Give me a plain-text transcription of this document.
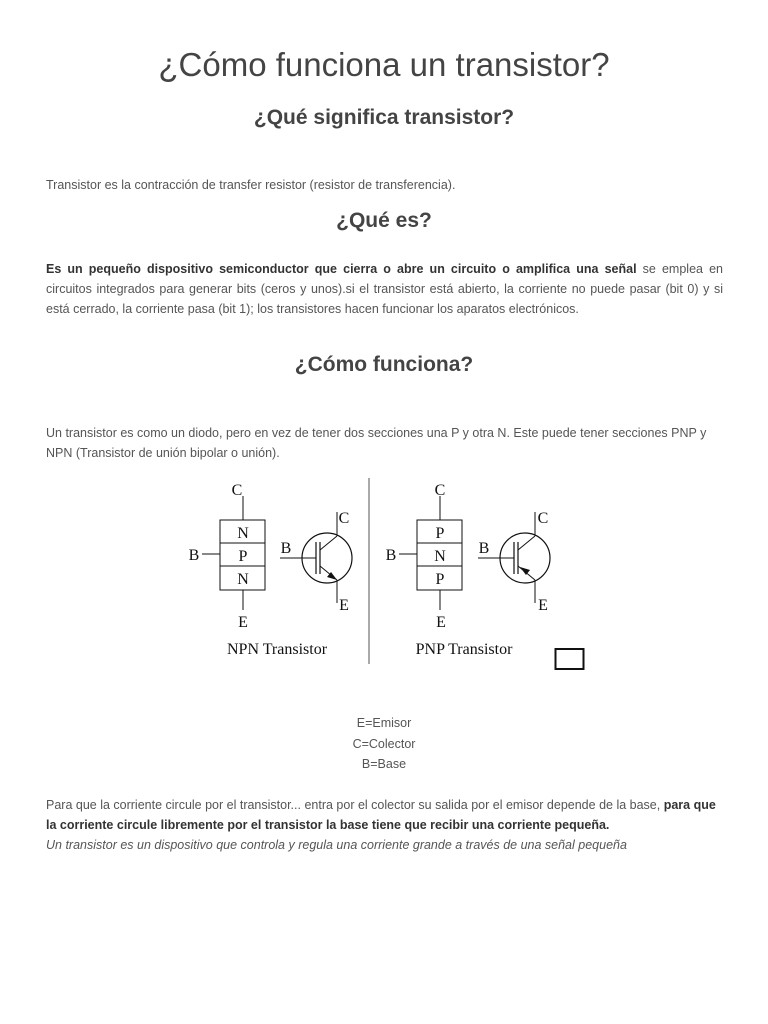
¿Cómo funciona un transistor?
¿Qué significa transistor?

Transistor es la contracción de transfer resistor (resistor de transferencia).

¿Qué es?

Es un pequeño dispositivo semiconductor que cierra o abre un circuito o amplifica una señal se emplea en circuitos integrados para generar bits (ceros y unos).si el transistor está abierto, la corriente no puede pasar (bit 0) y si está cerrado, la corriente pasa (bit 1); los transistores hacen funcionar los aparatos electrónicos.

¿Cómo funciona?

Un transistor es como un diodo, pero en vez de tener dos secciones una P y otra N. Este puede tener secciones PNP y NPN (Transistor de unión bipolar o unión).

C
N
P
N
B
E
B
C
E
NPN Transistor
C
P
N
P
B
E
B
C
E
PNP Transistor
E=Emisor
C=Colector
B=Base

Para que la corriente circule por el transistor... entra por el colector su salida por el emisor depende de la base, para que la corriente circule libremente por el transistor la base tiene que recibir una corriente pequeña.
Un transistor es un dispositivo que controla y regula una corriente grande a través de una señal pequeña
